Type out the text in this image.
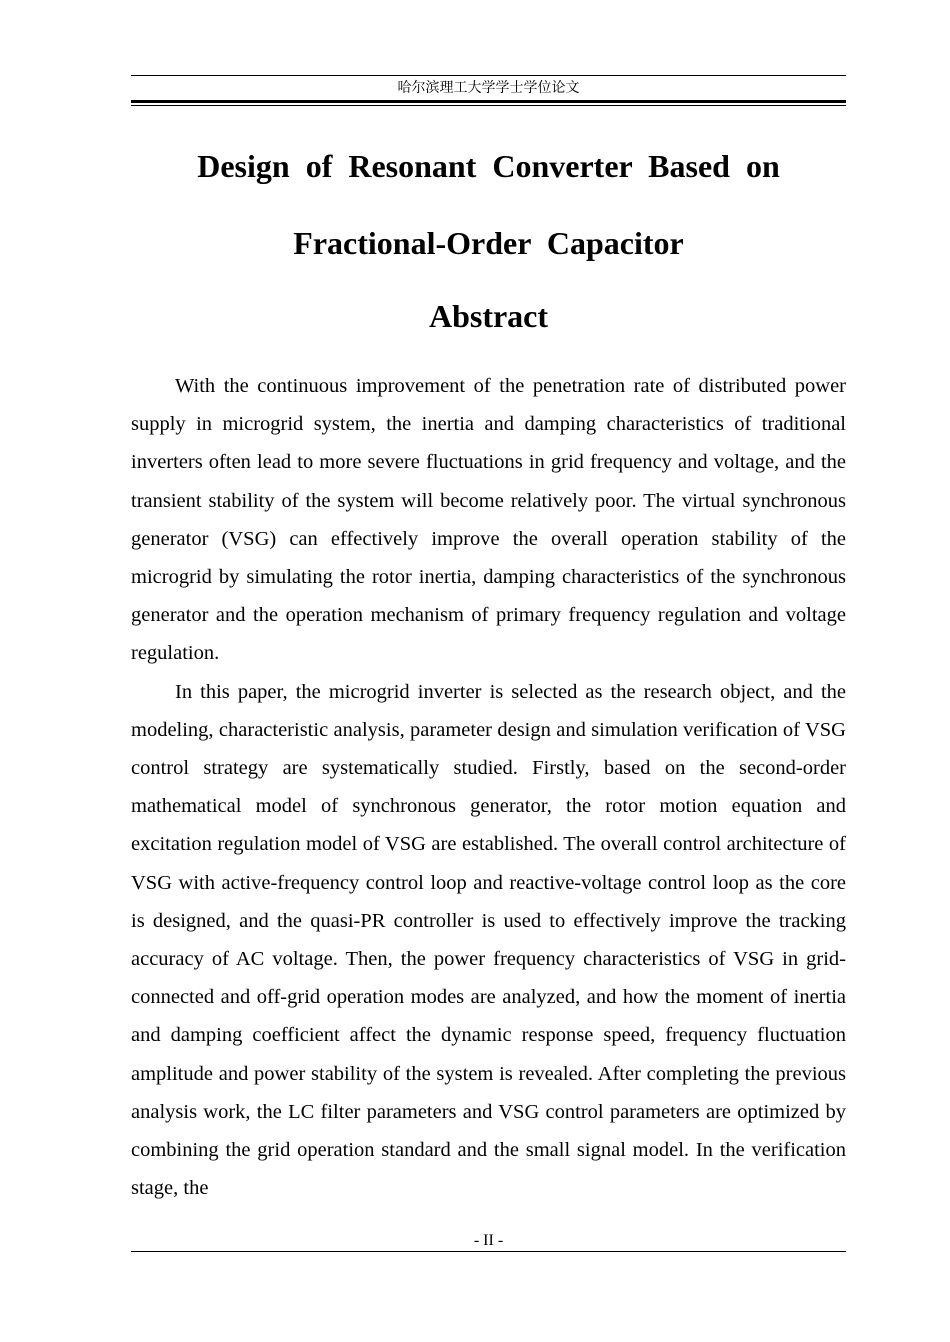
哈尔滨理工大学学士学位论文
Design of Resonant Converter Based on
Fractional-Order Capacitor
Abstract

With the continuous improvement of the penetration rate of distributed power supply in microgrid system, the inertia and damping characteristics of traditional inverters often lead to more severe fluctuations in grid frequency and voltage, and the transient stability of the system will become relatively poor. The virtual synchronous generator (VSG) can effectively improve the overall operation stability of the microgrid by simulating the rotor inertia, damping characteristics of the synchronous generator and the operation mechanism of primary frequency regulation and voltage regulation.

In this paper, the microgrid inverter is selected as the research object, and the modeling, characteristic analysis, parameter design and simulation verification of VSG control strategy are systematically studied. Firstly, based on the second-order mathematical model of synchronous generator, the rotor motion equation and excitation regulation model of VSG are established. The overall control architecture of VSG with active-frequency control loop and reactive-voltage control loop as the core is designed, and the quasi-PR controller is used to effectively improve the tracking accuracy of AC voltage. Then, the power frequency characteristics of VSG in grid-connected and off-grid operation modes are analyzed, and how the moment of inertia and damping coefficient affect the dynamic response speed, frequency fluctuation amplitude and power stability of the system is revealed. After completing the previous analysis work, the LC filter parameters and VSG control parameters are optimized by combining the grid operation standard and the small signal model. In the verification stage, the

- II -
